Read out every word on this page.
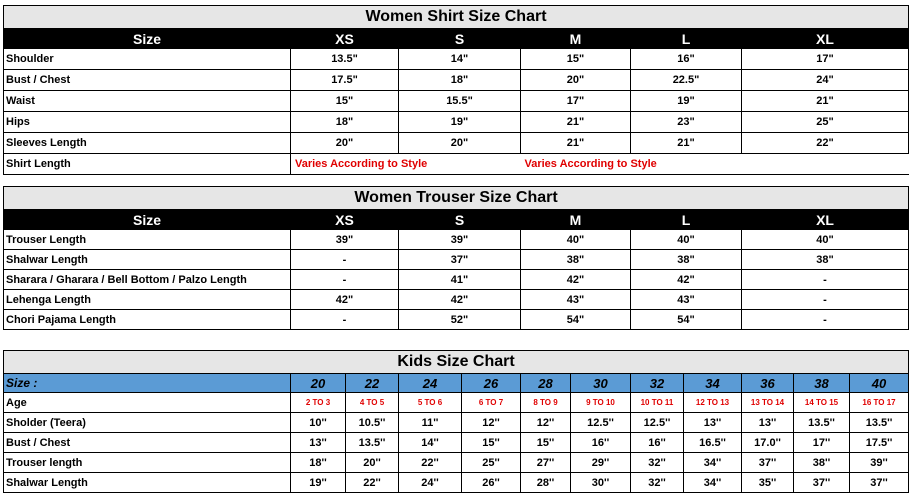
Women Shirt Size Chart					
Size	XS	S	M	L	XL
Shoulder	13.5"	14"	15"	16"	17"
Bust / Chest	17.5"	18"	20"	22.5"	24"
Waist	15"	15.5"	17"	19"	21"
Hips	18"	19"	21"	23"	25"
Sleeves Length	20"	20"	21"	21"	22"
Shirt Length	Varies According to Style		Varies According to Style		
Women Trouser Size Chart					
Size	XS	S	M	L	XL
Trouser Length	39"	39"	40"	40"	40"
Shalwar Length	-	37"	38"	38"	38"
Sharara / Gharara / Bell Bottom / Palzo Length	-	41"	42"	42"	-
Lehenga Length	42"	42"	43"	43"	-
Chori Pajama Length	-	52"	54"	54"	-
Kids Size Chart											
Size :	20	22	24	26	28	30	32	34	36	38	40
Age	2 TO 3	4 TO 5	5 TO 6	6 TO 7	8 TO 9	9 TO 10	10 TO 11	12 TO 13	13 TO 14	14 TO 15	16 TO 17
Sholder (Teera)	10''	10.5''	11''	12''	12''	12.5''	12.5''	13''	13''	13.5''	13.5''
Bust / Chest	13''	13.5''	14''	15''	15''	16''	16''	16.5''	17.0''	17''	17.5''
Trouser length	18''	20''	22''	25''	27''	29''	32''	34''	37''	38''	39''
Shalwar Length	19''	22''	24''	26''	28''	30''	32''	34''	35''	37''	37''
